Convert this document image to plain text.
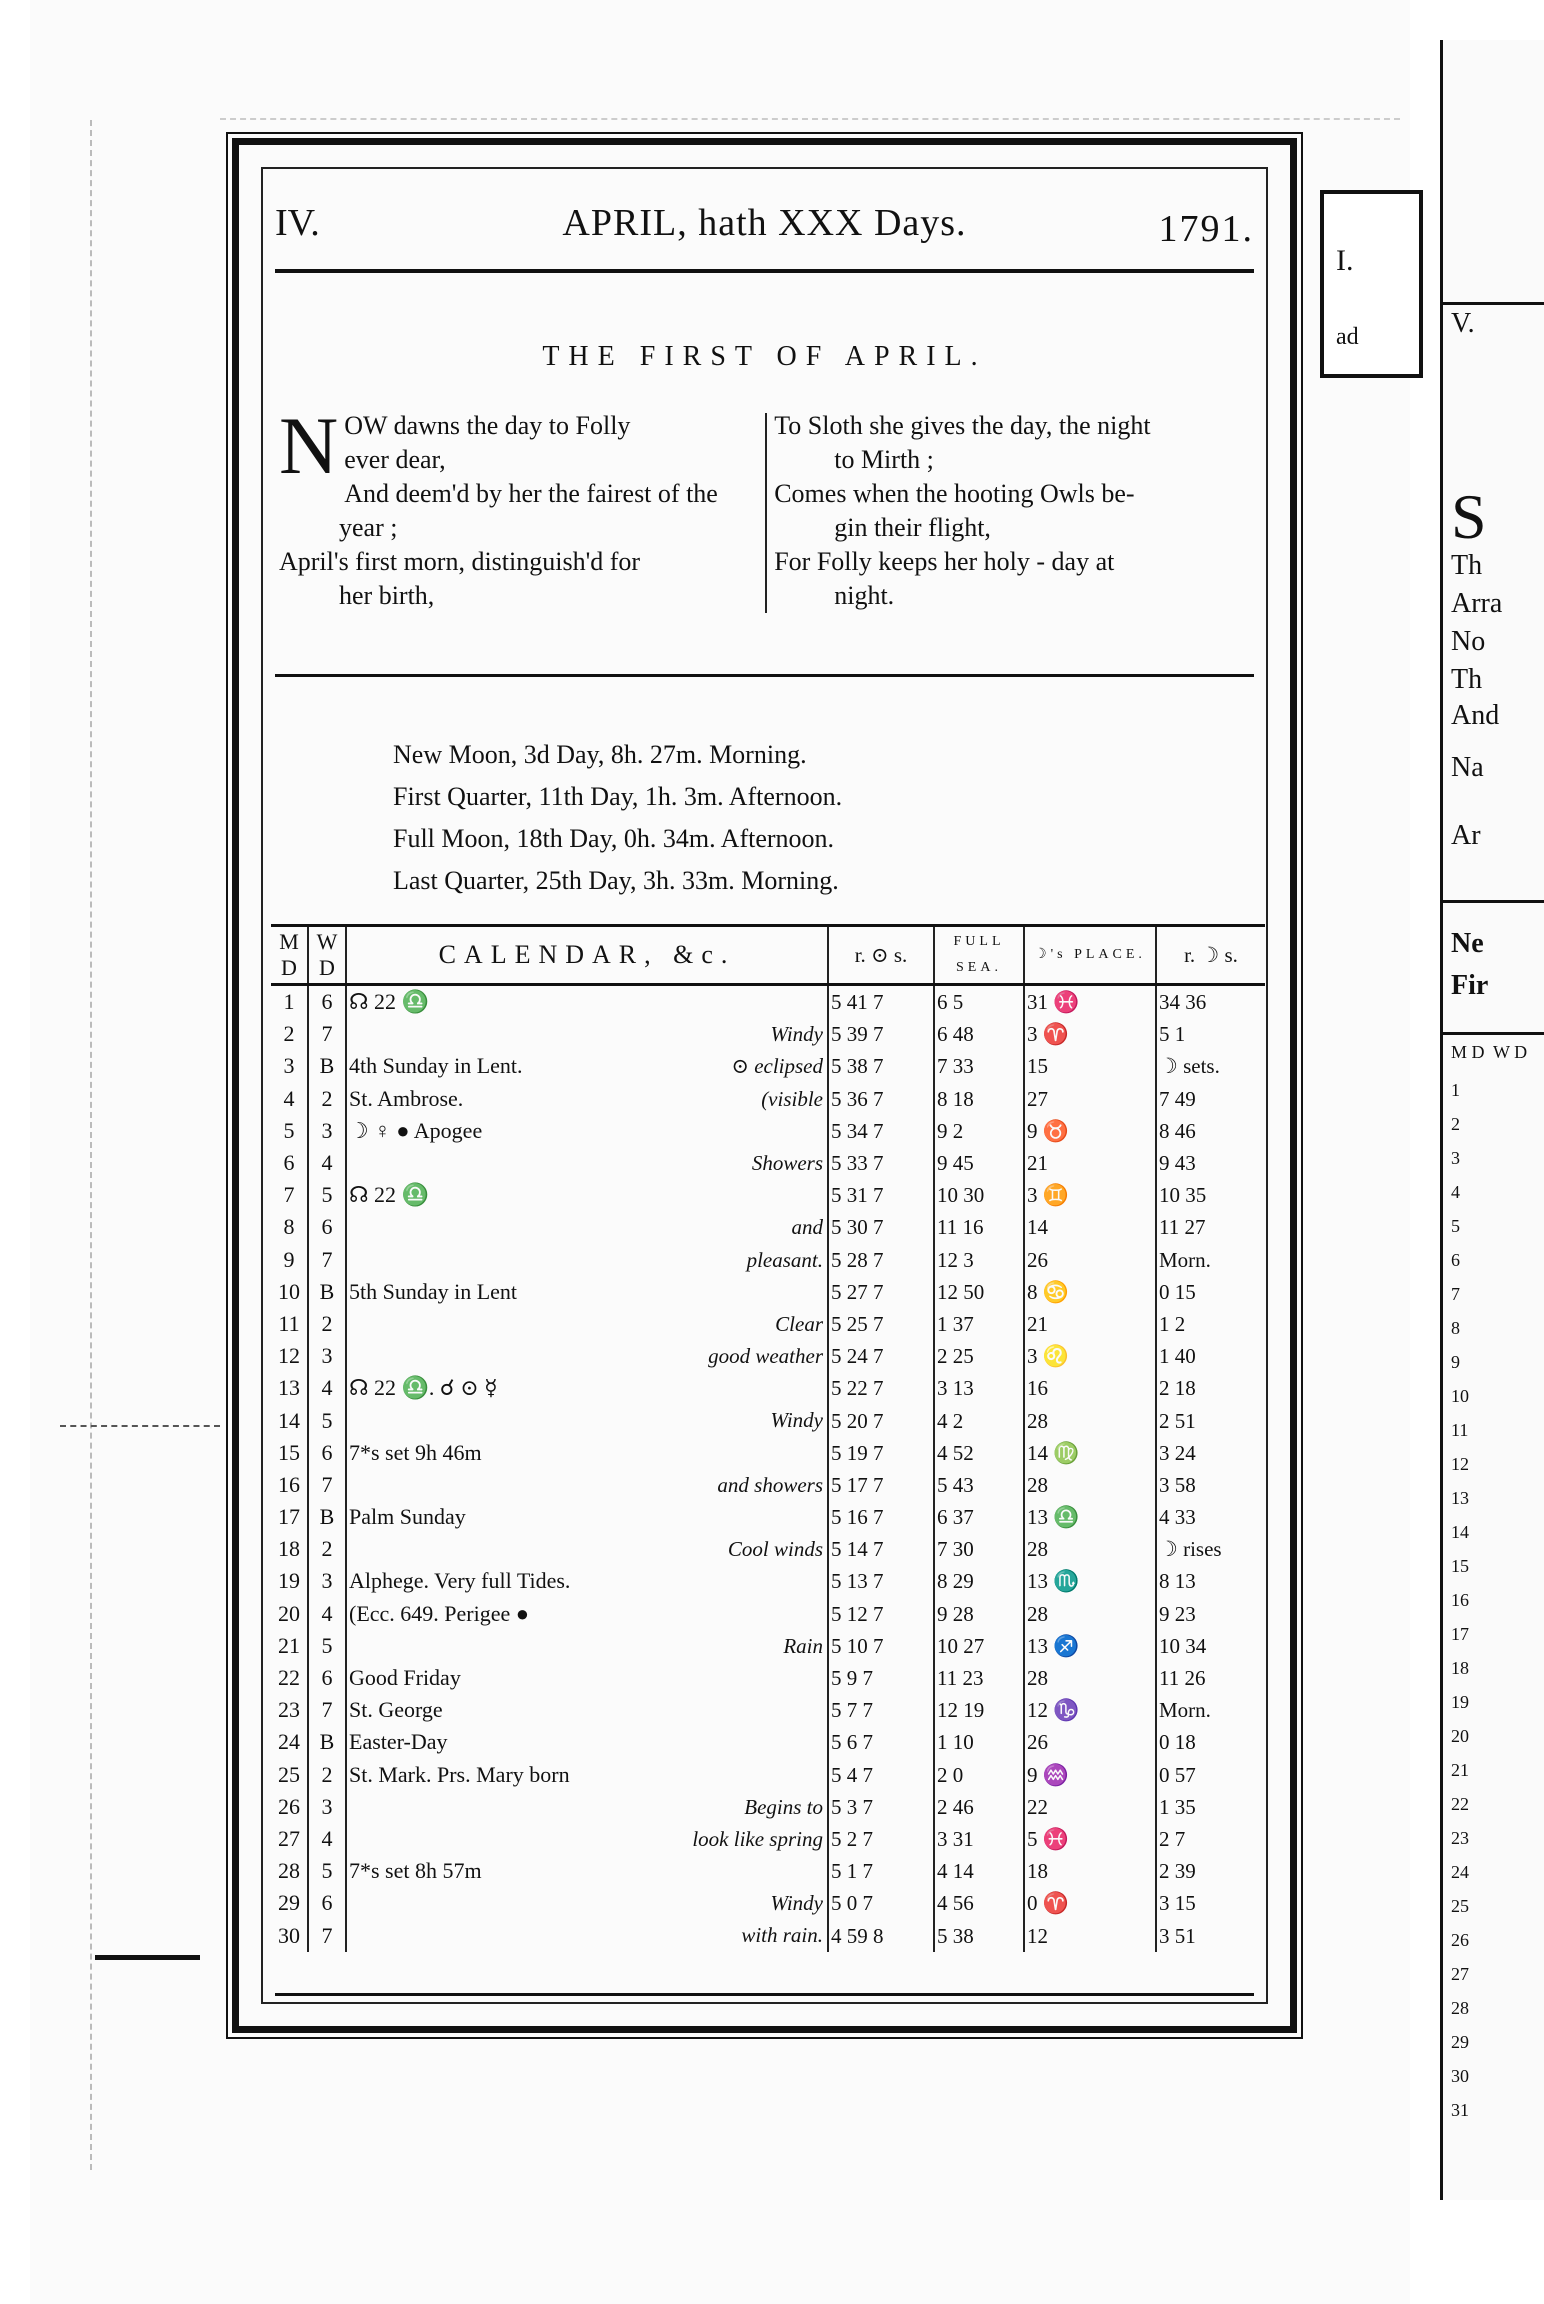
I.
ad
IV.	APRIL, hath XXX Days.	1791.
THE FIRST OF APRIL.
N OW dawns the day to Folly
ever dear,
And deem'd by her the fairest of the
year ;
April's first morn, distinguish'd for
her birth,
To Sloth she gives the day, the night
to Mirth ;
Comes when the hooting Owls be-
gin their flight,
For Folly keeps her holy - day at
night.
New Moon, 3d Day, 8h. 27m. Morning.
First Quarter, 11th Day, 1h. 3m. Afternoon.
Full Moon, 18th Day, 0h. 34m. Afternoon.
Last Quarter, 25th Day, 3h. 33m. Morning.
M D	W D	CALENDAR, &c.	r. ⊙ s.	FULL SEA.	☽'s PLACE.	r. ☽ s.
1	6	☊ 22 ♎	5 41 7	6 5	31 ♓	34 36
2	7	Windy	5 39 7	6 48	3 ♈	5 1
3	B	4th Sunday in Lent. ⊙ eclipsed	5 38 7	7 33	15	☽ sets.
4	2	St. Ambrose. (visible	5 36 7	8 18	27	7 49
5	3	☽ ♀ ● Apogee	5 34 7	9 2	9 ♉	8 46
6	4	Showers	5 33 7	9 45	21	9 43
7	5	☊ 22 ♎	5 31 7	10 30	3 ♊	10 35
8	6	and	5 30 7	11 16	14	11 27
9	7	pleasant.	5 28 7	12 3	26	Morn.
10	B	5th Sunday in Lent	5 27 7	12 50	8 ♋	0 15
11	2	Clear	5 25 7	1 37	21	1 2
12	3	good weather	5 24 7	2 25	3 ♌	1 40
13	4	☊ 22 ♎. ☌ ⊙ ☿	5 22 7	3 13	16	2 18
14	5	Windy	5 20 7	4 2	28	2 51
15	6	7*s set 9h 46m	5 19 7	4 52	14 ♍	3 24
16	7	and showers	5 17 7	5 43	28	3 58
17	B	Palm Sunday	5 16 7	6 37	13 ♎	4 33
18	2	Cool winds	5 14 7	7 30	28	☽ rises
19	3	Alphege. Very full Tides.	5 13 7	8 29	13 ♏	8 13
20	4	(Ecc. 649. Perigee ●	5 12 7	9 28	28	9 23
21	5	Rain	5 10 7	10 27	13 ♐	10 34
22	6	Good Friday	5 9 7	11 23	28	11 26
23	7	St. George	5 7 7	12 19	12 ♑	Morn.
24	B	Easter-Day	5 6 7	1 10	26	0 18
25	2	St. Mark. Prs. Mary born	5 4 7	2 0	9 ♒	0 57
26	3	Begins to	5 3 7	2 46	22	1 35
27	4	look like spring	5 2 7	3 31	5 ♓	2 7
28	5	7*s set 8h 57m	5 1 7	4 14	18	2 39
29	6	Windy	5 0 7	4 56	0 ♈	3 15
30	7	with rain.	4 59 8	5 38	12	3 51
V.
S
Th
Arra
No
Th
And
Na
Ar
Ne
Fir
M D W D
1
2
3
4
5
6
7
8
9
10
11
12
13
14
15
16
17
18
19
20
21
22
23
24
25
26
27
28
29
30
31
